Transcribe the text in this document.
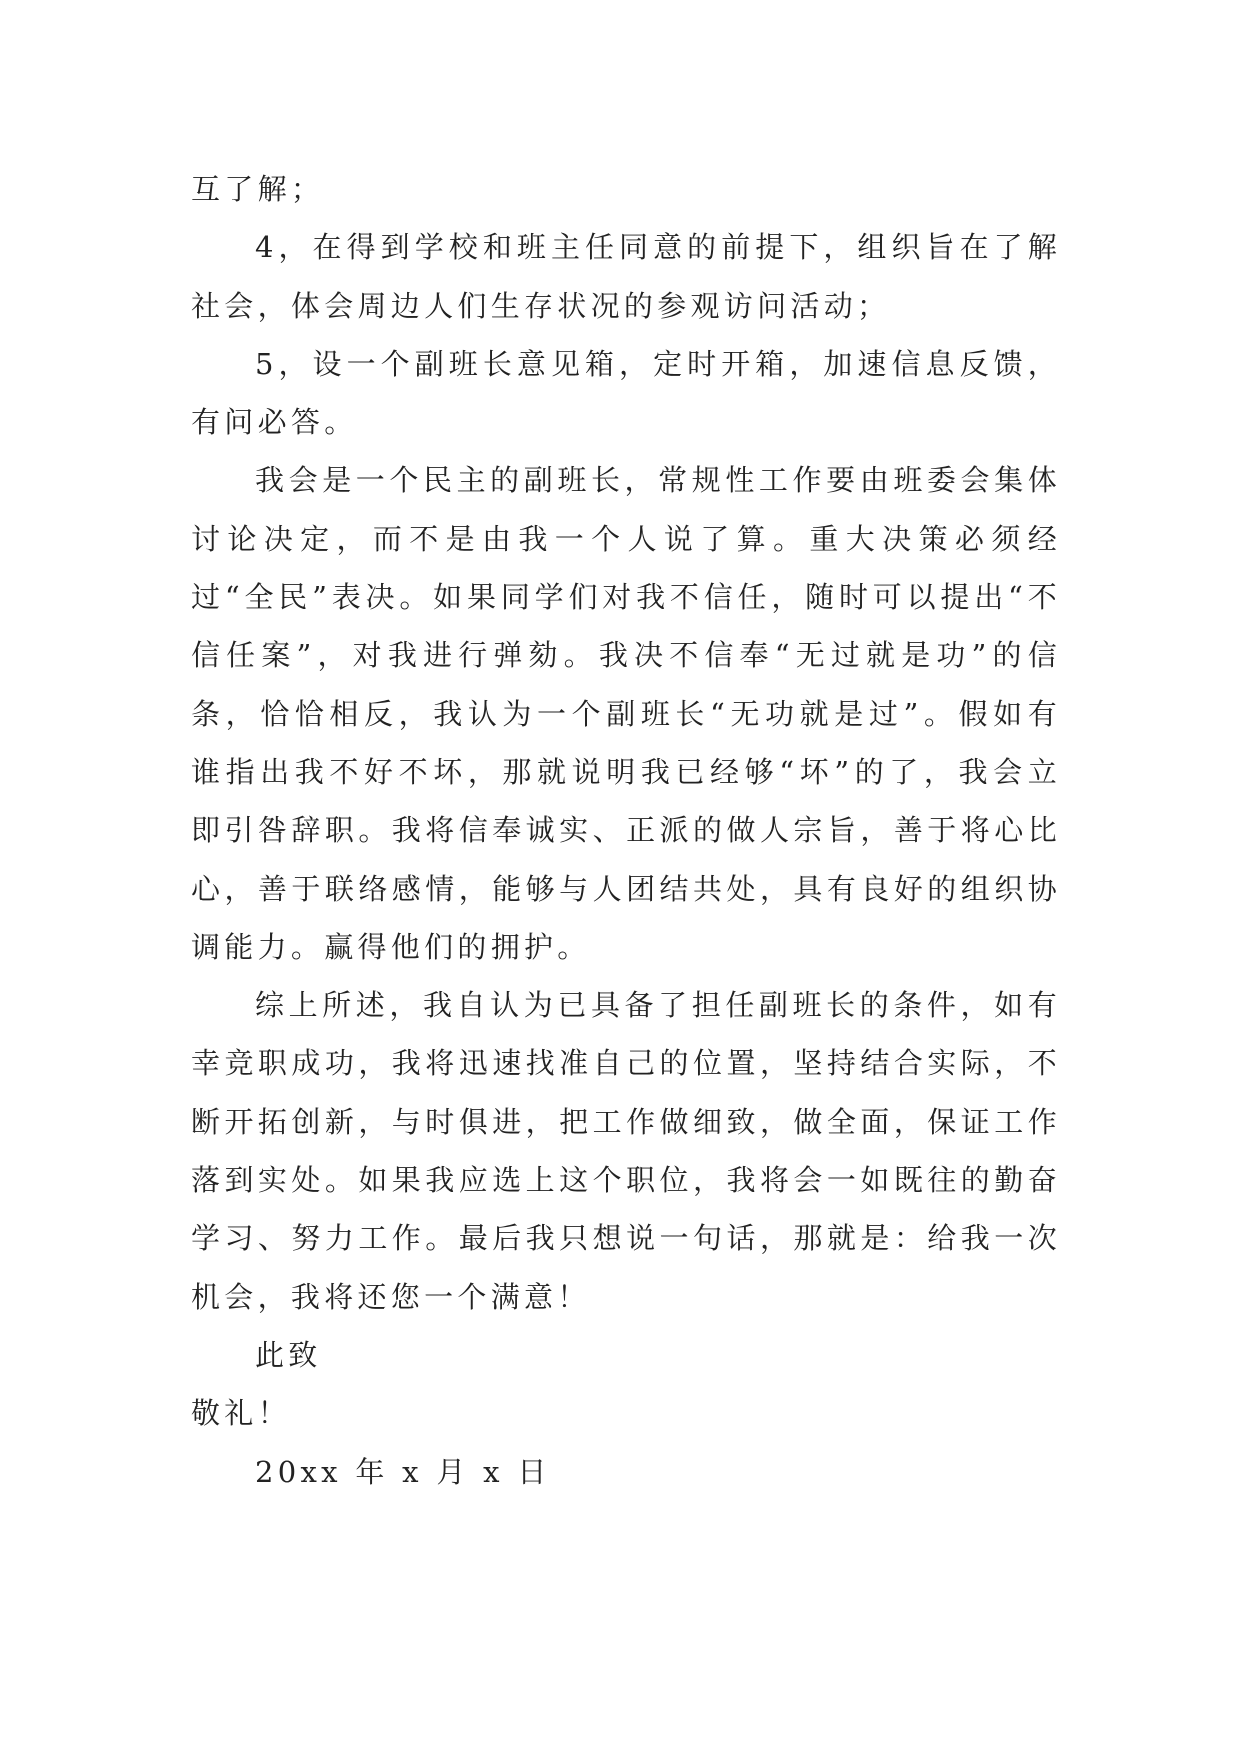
互了解；

4，在得到学校和班主任同意的前提下，组织旨在了解社会，体会周边人们生存状况的参观访问活动；

5，设一个副班长意见箱，定时开箱，加速信息反馈，有问必答。

我会是一个民主的副班长，常规性工作要由班委会集体讨论决定，而不是由我一个人说了算。重大决策必须经过“全民”表决。如果同学们对我不信任，随时可以提出“不信任案”，对我进行弹劾。我决不信奉“无过就是功”的信条，恰恰相反，我认为一个副班长“无功就是过”。假如有谁指出我不好不坏，那就说明我已经够“坏”的了，我会立即引咎辞职。我将信奉诚实、正派的做人宗旨，善于将心比心，善于联络感情，能够与人团结共处，具有良好的组织协调能力。赢得他们的拥护。

综上所述，我自认为已具备了担任副班长的条件，如有幸竞职成功，我将迅速找准自己的位置，坚持结合实际，不断开拓创新，与时俱进，把工作做细致，做全面，保证工作落到实处。如果我应选上这个职位，我将会一如既往的勤奋学习、努力工作。最后我只想说一句话，那就是：给我一次机会，我将还您一个满意！

此致

敬礼！

20xx 年 x 月 x 日
